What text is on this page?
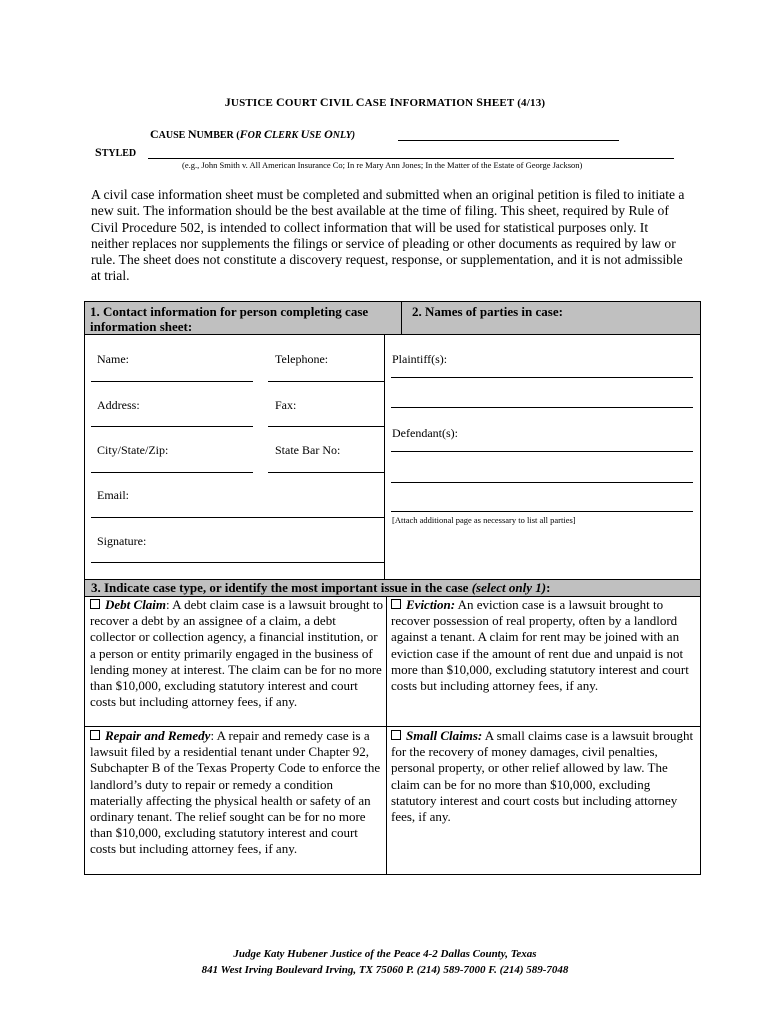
JUSTICE COURT CIVIL CASE INFORMATION SHEET (4/13)
CAUSE NUMBER (FOR CLERK USE ONLY)
STYLED
(e.g., John Smith v. All American Insurance Co; In re Mary Ann Jones; In the Matter of the Estate of George Jackson)
A civil case information sheet must be completed and submitted when an original petition is filed to initiate a new suit. The information should be the best available at the time of filing. This sheet, required by Rule of Civil Procedure 502, is intended to collect information that will be used for statistical purposes only. It neither replaces nor supplements the filings or service of pleading or other documents as required by law or rule. The sheet does not constitute a discovery request, response, or supplementation, and it is not admissible at trial.
1. Contact information for person completing case information sheet:
2. Names of parties in case:
Name:	Telephone:
Address:	Fax:
City/State/Zip:	State Bar No:
Email:
Signature:
Plaintiff(s):
Defendant(s):
[Attach additional page as necessary to list all parties]
3. Indicate case type, or identify the most important issue in the case (select only 1):
Debt Claim: A debt claim case is a lawsuit brought to recover a debt by an assignee of a claim, a debt collector or collection agency, a financial institution, or a person or entity primarily engaged in the business of lending money at interest. The claim can be for no more than $10,000, excluding statutory interest and court costs but including attorney fees, if any.
Eviction: An eviction case is a lawsuit brought to recover possession of real property, often by a landlord against a tenant. A claim for rent may be joined with an eviction case if the amount of rent due and unpaid is not more than $10,000, excluding statutory interest and court costs but including attorney fees, if any.
Repair and Remedy: A repair and remedy case is a lawsuit filed by a residential tenant under Chapter 92, Subchapter B of the Texas Property Code to enforce the landlord’s duty to repair or remedy a condition materially affecting the physical health or safety of an ordinary tenant. The relief sought can be for no more than $10,000, excluding statutory interest and court costs but including attorney fees, if any.
Small Claims: A small claims case is a lawsuit brought for the recovery of money damages, civil penalties, personal property, or other relief allowed by law. The claim can be for no more than $10,000, excluding statutory interest and court costs but including attorney fees, if any.
Judge Katy Hubener Justice of the Peace 4-2 Dallas County, Texas
841 West Irving Boulevard Irving, TX 75060 P. (214) 589-7000 F. (214) 589-7048
